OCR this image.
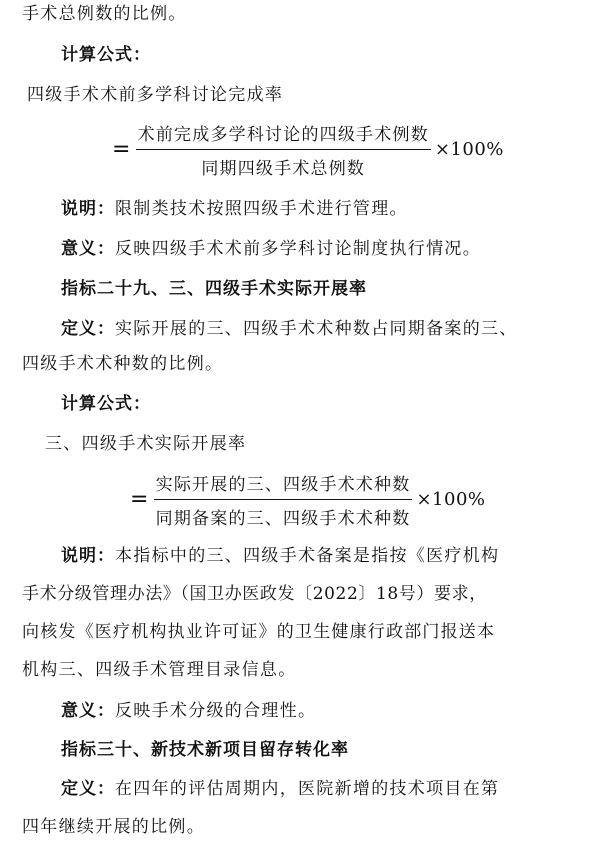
手术总例数的比例。
计算公式：
四级手术术前多学科讨论完成率
= $\frac{\text{术前完成多学科讨论的四级手术例数}}{\text{同期四级手术总例数}} \times 100\%$
说明：限制类技术按照四级手术进行管理。
意义：反映四级手术术前多学科讨论制度执行情况。
指标二十九、三、四级手术实际开展率
定义：实际开展的三、四级手术术种数占同期备案的三、
四级手术术种数的比例。
计算公式：
三、四级手术实际开展率
= $\frac{\text{实际开展的三、四级手术术种数}}{\text{同期备案的三、四级手术术种数}} \times 100\%$
说明：本指标中的三、四级手术备案是指按《医疗机构
手术分级管理办法》（国卫办医政发〔2022〕18号）要求，
向核发《医疗机构执业许可证》的卫生健康行政部门报送本
机构三、四级手术管理目录信息。
意义：反映手术分级的合理性。
指标三十、新技术新项目留存转化率
定义：在四年的评估周期内，医院新增的技术项目在第
四年继续开展的比例。
